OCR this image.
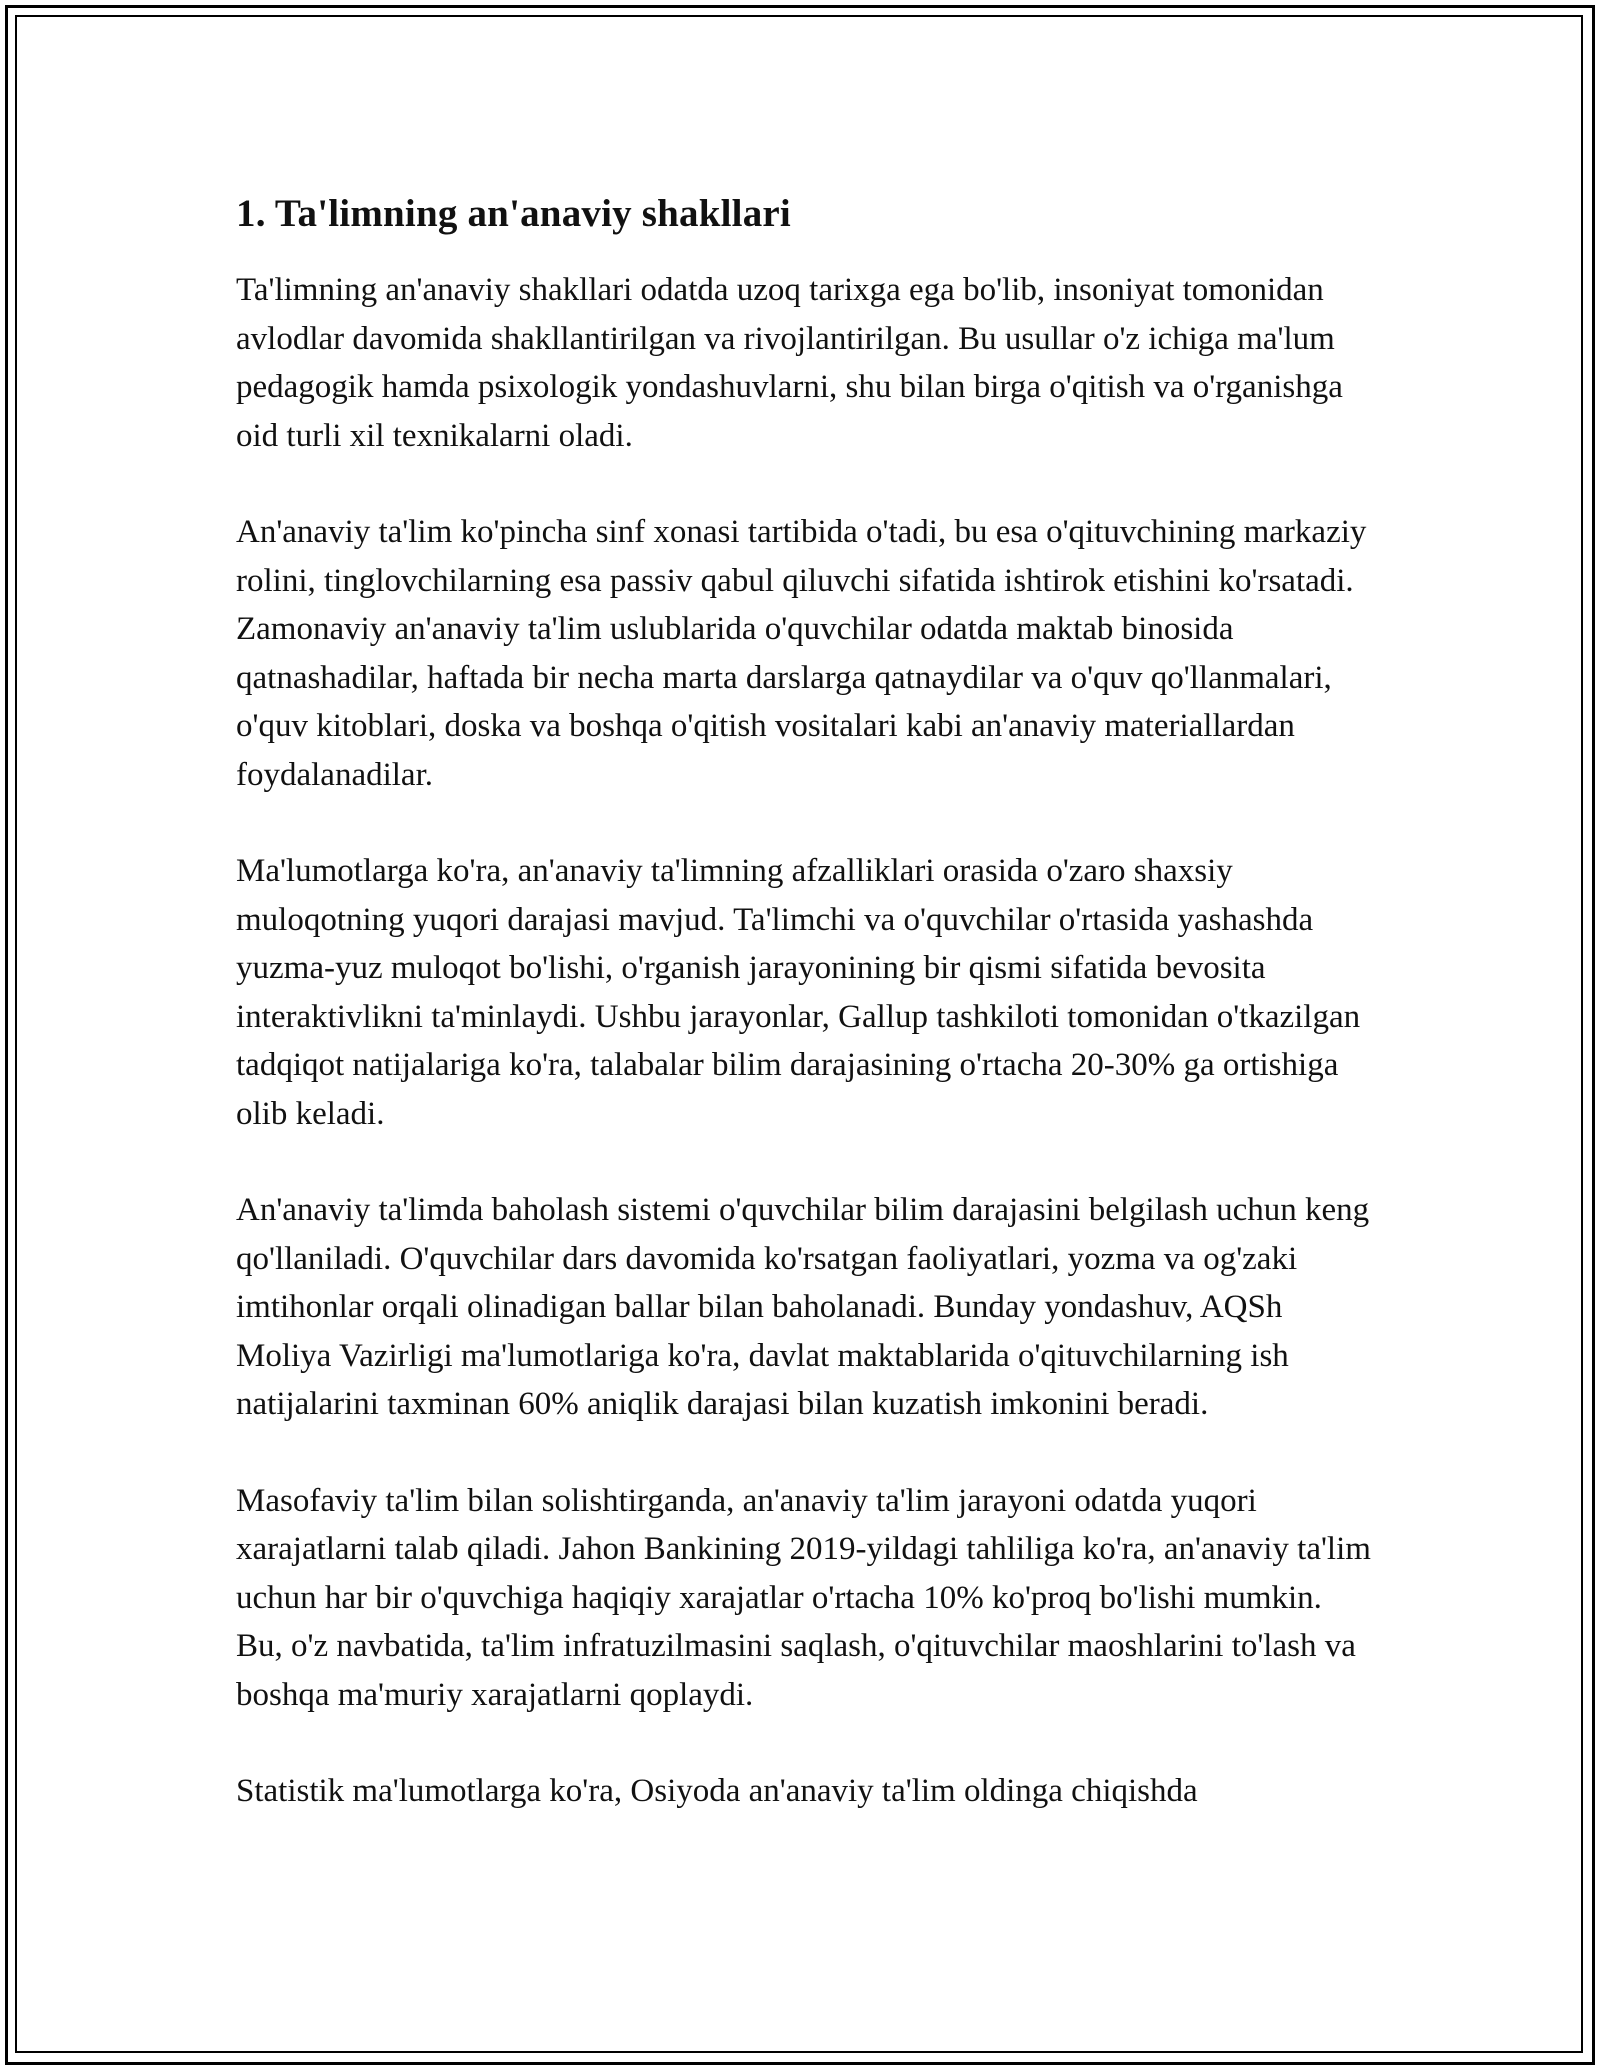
1. Ta'limning an'anaviy shakllari

Ta'limning an'anaviy shakllari odatda uzoq tarixga ega bo'lib, insoniyat tomonidan avlodlar davomida shakllantirilgan va rivojlantirilgan. Bu usullar o'z ichiga ma'lum pedagogik hamda psixologik yondashuvlarni, shu bilan birga o'qitish va o'rganishga oid turli xil texnikalarni oladi.

An'anaviy ta'lim ko'pincha sinf xonasi tartibida o'tadi, bu esa o'qituvchining markaziy rolini, tinglovchilarning esa passiv qabul qiluvchi sifatida ishtirok etishini ko'rsatadi. Zamonaviy an'anaviy ta'lim uslublarida o'quvchilar odatda maktab binosida qatnashadilar, haftada bir necha marta darslarga qatnaydilar va o'quv qo'llanmalari, o'quv kitoblari, doska va boshqa o'qitish vositalari kabi an'anaviy materiallardan foydalanadilar.

Ma'lumotlarga ko'ra, an'anaviy ta'limning afzalliklari orasida o'zaro shaxsiy muloqotning yuqori darajasi mavjud. Ta'limchi va o'quvchilar o'rtasida yashashda yuzma-yuz muloqot bo'lishi, o'rganish jarayonining bir qismi sifatida bevosita interaktivlikni ta'minlaydi. Ushbu jarayonlar, Gallup tashkiloti tomonidan o'tkazilgan tadqiqot natijalariga ko'ra, talabalar bilim darajasining o'rtacha 20-30% ga ortishiga olib keladi.

An'anaviy ta'limda baholash sistemi o'quvchilar bilim darajasini belgilash uchun keng qo'llaniladi. O'quvchilar dars davomida ko'rsatgan faoliyatlari, yozma va og'zaki imtihonlar orqali olinadigan ballar bilan baholanadi. Bunday yondashuv, AQSh Moliya Vazirligi ma'lumotlariga ko'ra, davlat maktablarida o'qituvchilarning ish natijalarini taxminan 60% aniqlik darajasi bilan kuzatish imkonini beradi.

Masofaviy ta'lim bilan solishtirganda, an'anaviy ta'lim jarayoni odatda yuqori xarajatlarni talab qiladi. Jahon Bankining 2019-yildagi tahliliga ko'ra, an'anaviy ta'lim uchun har bir o'quvchiga haqiqiy xarajatlar o'rtacha 10% ko'proq bo'lishi mumkin. Bu, o'z navbatida, ta'lim infratuzilmasini saqlash, o'qituvchilar maoshlarini to'lash va boshqa ma'muriy xarajatlarni qoplaydi.

Statistik ma'lumotlarga ko'ra, Osiyoda an'anaviy ta'lim oldinga chiqishda
